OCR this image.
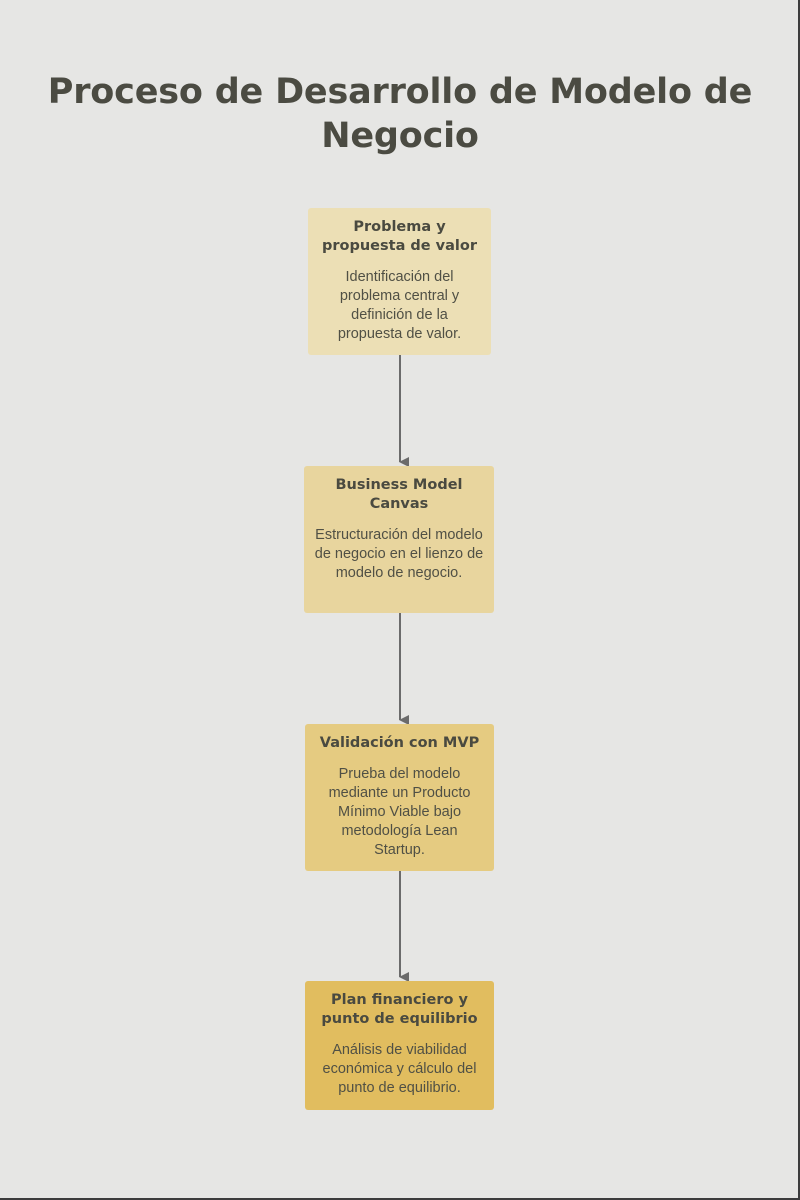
Proceso de Desarrollo de Modelo de Negocio
Problema y propuesta de valor
Identificación del problema central y definición de la propuesta de valor.
Business Model Canvas
Estructuración del modelo de negocio en el lienzo de modelo de negocio.
Validación con MVP
Prueba del modelo mediante un Producto Mínimo Viable bajo metodología Lean Startup.
Plan financiero y punto de equilibrio
Análisis de viabilidad económica y cálculo del punto de equilibrio.
